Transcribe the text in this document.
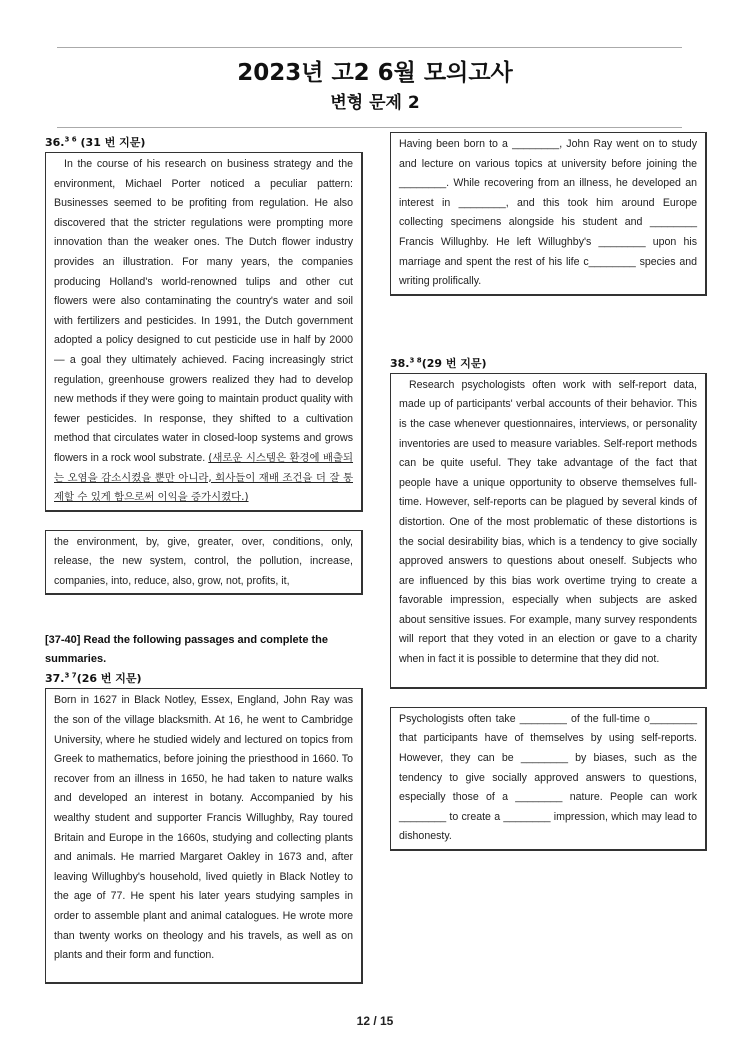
2023년 고2 6월 모의고사
변형 문제 2
36.$^{3 6}$ (31 번 지문)
In the course of his research on business strategy and the environment, Michael Porter noticed a peculiar pattern: Businesses seemed to be profiting from regulation. He also discovered that the stricter regulations were prompting more innovation than the weaker ones. The Dutch flower industry provides an illustration. For many years, the companies producing Holland's world-renowned tulips and other cut flowers were also contaminating the country's water and soil with fertilizers and pesticides. In 1991, the Dutch government adopted a policy designed to cut pesticide use in half by 2000 — a goal they ultimately achieved. Facing increasingly strict regulation, greenhouse growers realized they had to develop new methods if they were going to maintain product quality with fewer pesticides. In response, they shifted to a cultivation method that circulates water in closed-loop systems and grows flowers in a rock wool substrate. (새로운 시스템은 환경에 배출되는 오염을 감소시켰을 뿐만 아니라, 회사들이 재배 조건을 더 잘 통제할 수 있게 함으로써 이익을 증가시켰다.)
the environment, by, give, greater, over, conditions, only, release, the new system, control, the pollution, increase, companies, into, reduce, also, grow, not, profits, it,
[37-40] Read the following passages and complete the summaries.
37.$^{3 7}$(26 번 지문)
Born in 1627 in Black Notley, Essex, England, John Ray was the son of the village blacksmith. At 16, he went to Cambridge University, where he studied widely and lectured on topics from Greek to mathematics, before joining the priesthood in 1660. To recover from an illness in 1650, he had taken to nature walks and developed an interest in botany. Accompanied by his wealthy student and supporter Francis Willughby, Ray toured Britain and Europe in the 1660s, studying and collecting plants and animals. He married Margaret Oakley in 1673 and, after leaving Willughby's household, lived quietly in Black Notley to the age of 77. He spent his later years studying samples in order to assemble plant and animal catalogues. He wrote more than twenty works on theology and his travels, as well as on plants and their form and function.
Having been born to a ________, John Ray went on to study and lecture on various topics at university before joining the ________. While recovering from an illness, he developed an interest in ________, and this took him around Europe collecting specimens alongside his student and ________ Francis Willughby. He left Willughby's ________ upon his marriage and spent the rest of his life c________ species and writing prolifically.
38.$^{3 8}$(29 번 지문)
Research psychologists often work with self-report data, made up of participants' verbal accounts of their behavior. This is the case whenever questionnaires, interviews, or personality inventories are used to measure variables. Self-report methods can be quite useful. They take advantage of the fact that people have a unique opportunity to observe themselves full-time. However, self-reports can be plagued by several kinds of distortion. One of the most problematic of these distortions is the social desirability bias, which is a tendency to give socially approved answers to questions about oneself. Subjects who are influenced by this bias work overtime trying to create a favorable impression, especially when subjects are asked about sensitive issues. For example, many survey respondents will report that they voted in an election or gave to a charity when in fact it is possible to determine that they did not.
Psychologists often take ________ of the full-time o________ that participants have of themselves by using self-reports. However, they can be ________ by biases, such as the tendency to give socially approved answers to questions, especially those of a ________ nature. People can work ________ to create a ________ impression, which may lead to dishonesty.
12 / 15
